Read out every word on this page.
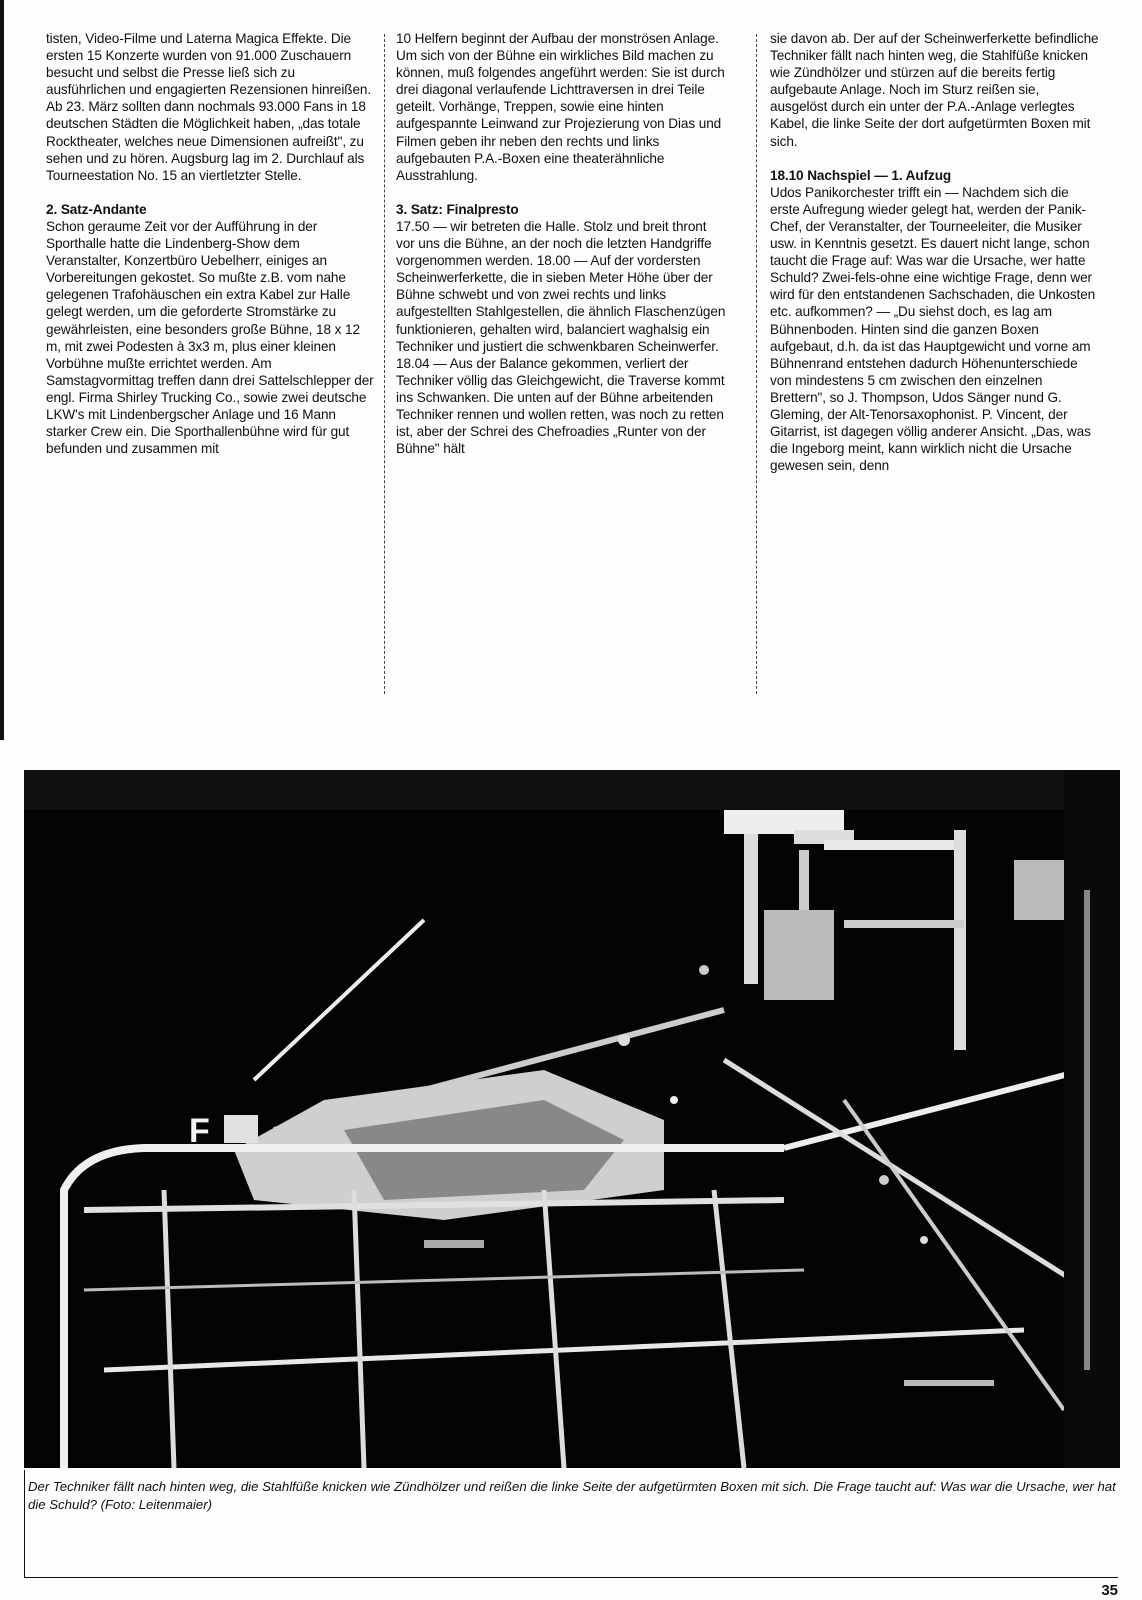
tisten, Video-Filme und Laterna Magica Effekte. Die ersten 15 Konzerte wurden von 91.000 Zuschauern besucht und selbst die Presse ließ sich zu ausführlichen und engagierten Rezensionen hinreißen. Ab 23. März sollten dann nochmals 93.000 Fans in 18 deutschen Städten die Möglichkeit haben, „das totale Rocktheater, welches neue Dimensionen aufreißt", zu sehen und zu hören. Augsburg lag im 2. Durchlauf als Tourneestation No. 15 an viertletzter Stelle.

2. Satz-Andante

Schon geraume Zeit vor der Aufführung in der Sporthalle hatte die Lindenberg-Show dem Veranstalter, Konzertbüro Uebelherr, einiges an Vorbereitungen gekostet. So mußte z.B. vom nahe gelegenen Trafohäuschen ein extra Kabel zur Halle gelegt werden, um die geforderte Stromstärke zu gewährleisten, eine besonders große Bühne, 18 x 12 m, mit zwei Podesten à 3x3 m, plus einer kleinen Vorbühne mußte errichtet werden. Am Samstagvormittag treffen dann drei Sattelschlepper der engl. Firma Shirley Trucking Co., sowie zwei deutsche LKW's mit Lindenbergscher Anlage und 16 Mann starker Crew ein. Die Sporthallenbühne wird für gut befunden und zusammen mit

10 Helfern beginnt der Aufbau der monströsen Anlage. Um sich von der Bühne ein wirkliches Bild machen zu können, muß folgendes angeführt werden: Sie ist durch drei diagonal verlaufende Lichttraversen in drei Teile geteilt. Vorhänge, Treppen, sowie eine hinten aufgespannte Leinwand zur Projezierung von Dias und Filmen geben ihr neben den rechts und links aufgebauten P.A.-Boxen eine theaterähnliche Ausstrahlung.

3. Satz: Finalpresto

17.50 — wir betreten die Halle. Stolz und breit thront vor uns die Bühne, an der noch die letzten Handgriffe vorgenommen werden. 18.00 — Auf der vordersten Scheinwerferkette, die in sieben Meter Höhe über der Bühne schwebt und von zwei rechts und links aufgestellten Stahlgestellen, die ähnlich Flaschenzügen funktionieren, gehalten wird, balanciert waghalsig ein Techniker und justiert die schwenkbaren Scheinwerfer.

18.04 — Aus der Balance gekommen, verliert der Techniker völlig das Gleichgewicht, die Traverse kommt ins Schwanken. Die unten auf der Bühne arbeitenden Techniker rennen und wollen retten, was noch zu retten ist, aber der Schrei des Chefroadies „Runter von der Bühne" hält

sie davon ab. Der auf der Scheinwerferkette befindliche Techniker fällt nach hinten weg, die Stahlfüße knicken wie Zündhölzer und stürzen auf die bereits fertig aufgebaute Anlage. Noch im Sturz reißen sie, ausgelöst durch ein unter der P.A.-Anlage verlegtes Kabel, die linke Seite der dort aufgetürmten Boxen mit sich.

18.10 Nachspiel — 1. Aufzug

Udos Panikorchester trifft ein — Nachdem sich die erste Aufregung wieder gelegt hat, werden der Panik-Chef, der Veranstalter, der Tourneeleiter, die Musiker usw. in Kenntnis gesetzt. Es dauert nicht lange, schon taucht die Frage auf: Was war die Ursache, wer hatte Schuld? Zwei-fels-ohne eine wichtige Frage, denn wer wird für den entstandenen Sachschaden, die Unkosten etc. aufkommen? — „Du siehst doch, es lag am Bühnenboden. Hinten sind die ganzen Boxen aufgebaut, d.h. da ist das Hauptgewicht und vorne am Bühnenrand entstehen dadurch Höhenunterschiede von mindestens 5 cm zwischen den einzelnen Brettern", so J. Thompson, Udos Sänger nund G. Gleming, der Alt-Tenorsaxophonist. P. Vincent, der Gitarrist, ist dagegen völlig anderer Ansicht. „Das, was die Ingeborg meint, kann wirklich nicht die Ursache gewesen sein, denn

F
Der Techniker fällt nach hinten weg, die Stahlfüße knicken wie Zündhölzer und reißen die linke Seite der aufgetürmten Boxen mit sich. Die Frage taucht auf: Was war die Ursache, wer hat die Schuld? (Foto: Leitenmaier)
35
